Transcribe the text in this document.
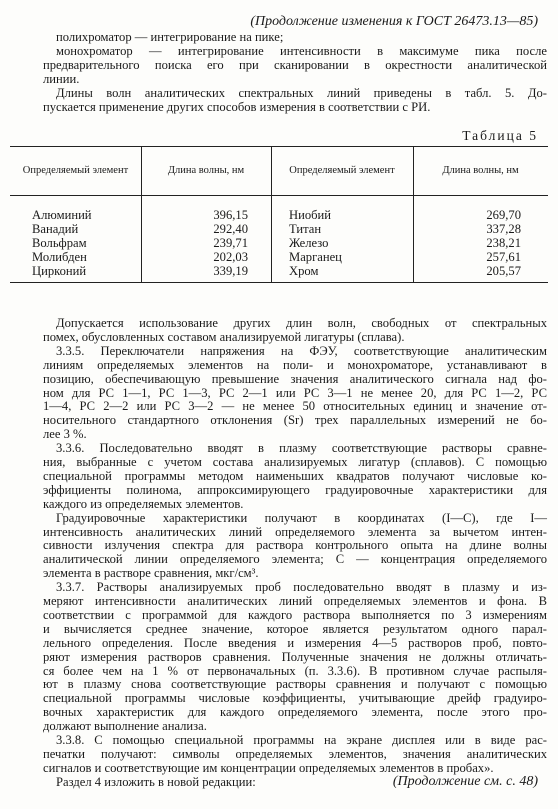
(Продолжение изменения к ГОСТ 26473.13—85)
полихроматор — интегрирование на пике;
монохроматор — интегрирование интенсивности в максимуме пика после
предварительного поиска его при сканировании в окрестности аналитической
линии.
Длины волн аналитических спектральных линий приведены в табл. 5. До-
пускается применение других способов измерения в соответствии с РИ.
Таблица 5
Определяемый элемент	Длина волны, нм	Определяемый элемент	Длина волны, нм
Алюминий	396,15	Ниобий	269,70
Ванадий	292,40	Титан	337,28
Вольфрам	239,71	Железо	238,21
Молибден	202,03	Марганец	257,61
Цирконий	339,19	Хром	205,57
Допускается использование других длин волн, свободных от спектральных
помех, обусловленных составом анализируемой лигатуры (сплава).
3.3.5. Переключатели напряжения на ФЭУ, соответствующие аналитическим
линиям определяемых элементов на поли- и монохроматоре, устанавливают в
позицию, обеспечивающую превышение значения аналитического сигнала над фо-
ном для РС 1—1, РС 1—3, РС 2—1 или РС 3—1 не менее 20, для РС 1—2, РС
1—4, РС 2—2 или РС 3—2 — не менее 50 относительных единиц и значение от-
носительного стандартного отклонения (Sr) трех параллельных измерений не бо-
лее 3 %.
3.3.6. Последовательно вводят в плазму соответствующие растворы сравне-
ния, выбранные с учетом состава анализируемых лигатур (сплавов). С помощью
специальной программы методом наименьших квадратов получают числовые ко-
эффициенты полинома, аппроксимирующего градуировочные характеристики для
каждого из определяемых элементов.
Градуировочные характеристики получают в координатах (I—C), где I—
интенсивность аналитических линий определяемого элемента за вычетом интен-
сивности излучения спектра для раствора контрольного опыта на длине волны
аналитической линии определяемого элемента; С — концентрация определяемого
элемента в растворе сравнения, мкг/см³.
3.3.7. Растворы анализируемых проб последовательно вводят в плазму и из-
меряют интенсивности аналитических линий определяемых элементов и фона. В
соответствии с программой для каждого раствора выполняется по 3 измерениям
и вычисляется среднее значение, которое является результатом одного парал-
лельного определения. После введения и измерения 4—5 растворов проб, повто-
ряют измерения растворов сравнения. Полученные значения не должны отличать-
ся более чем на 1 % от первоначальных (п. 3.3.6). В противном случае распыля-
ют в плазму снова соответствующие растворы сравнения и получают с помощью
специальной программы числовые коэффициенты, учитывающие дрейф градуиро-
вочных характеристик для каждого определяемого элемента, после этого про-
должают выполнение анализа.
3.3.8. С помощью специальной программы на экране дисплея или в виде рас-
печатки получают: символы определяемых элементов, значения аналитических
сигналов и соответствующие им концентрации определяемых элементов в пробах».
Раздел 4 изложить в новой редакции:	(Продолжение см. с. 48)
